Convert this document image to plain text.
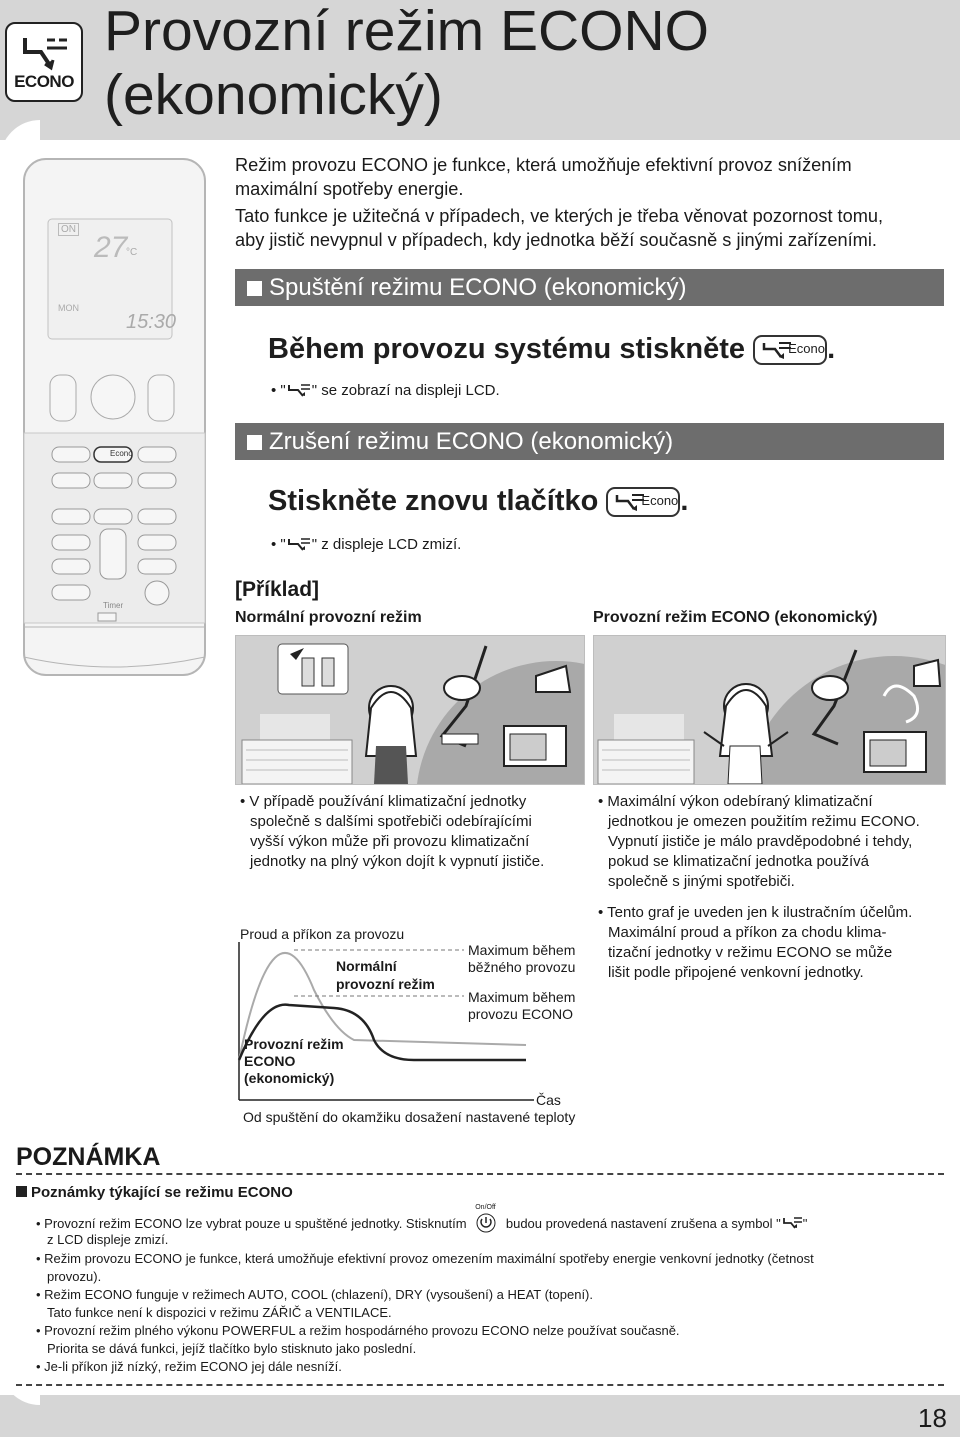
ECONO
Provozní režim ECONO
(ekonomický)
ON
27
°C
MON
15:30
Econo
Timer
Režim provozu ECONO je funkce, která umožňuje efektivní provoz snížením
maximální spotřeby energie.
Tato funkce je užitečná v případech, ve kterých je třeba věnovat pozornost tomu,
aby jistič nevypnul v případech, kdy jednotka běží současně s jinými zařízeními.
Spuštění režimu ECONO (ekonomický)
Během provozu systému stiskněte	Econo .
• " " se zobrazí na displeji LCD.
Zrušení režimu ECONO (ekonomický)
Stiskněte znovu tlačítko	Econo .
• " " z displeje LCD zmizí.
[Příklad]
Normální provozní režim	Provozní režim ECONO (ekonomický)
• V případě používání klimatizační jednotky
společně s dalšími spotřebiči odebírajícími
vyšší výkon může při provozu klimatizační
jednotky na plný výkon dojít k vypnutí jističe.
• Maximální výkon odebíraný klimatizační
jednotkou je omezen použitím režimu ECONO.
Vypnutí jističe je málo pravděpodobné i tehdy,
pokud se klimatizační jednotka používá
společně s jinými spotřebiči.
• Tento graf je uveden jen k ilustračním účelům.
Maximální proud a příkon za chodu klima-
tizační jednotky v režimu ECONO se může
lišit podle připojené venkovní jednotky.
Proud a příkon za provozu
Normální
provozní režim
Maximum během
běžného provozu
Maximum během
provozu ECONO
Provozní režim
ECONO
(ekonomický)
Čas
Od spuštění do okamžiku dosažení nastavené teploty
POZNÁMKA
Poznámky týkající se režimu ECONO
• Provozní režim ECONO lze vybrat pouze u spuštěné jednotky. Stisknutím
On/Off
budou provedená nastavení zrušena a symbol " "
z LCD displeje zmizí.
• Režim provozu ECONO je funkce, která umožňuje efektivní provoz omezením maximální spotřeby energie venkovní jednotky (četnost
provozu).
• Režim ECONO funguje v režimech AUTO, COOL (chlazení), DRY (vysoušení) a HEAT (topení).
Tato funkce není k dispozici v režimu ZÁŘIČ a VENTILACE.
• Provozní režim plného výkonu POWERFUL a režim hospodárného provozu ECONO nelze používat současně.
Priorita se dává funkci, jejíž tlačítko bylo stisknuto jako poslední.
• Je-li příkon již nízký, režim ECONO jej dále nesníží.
18
